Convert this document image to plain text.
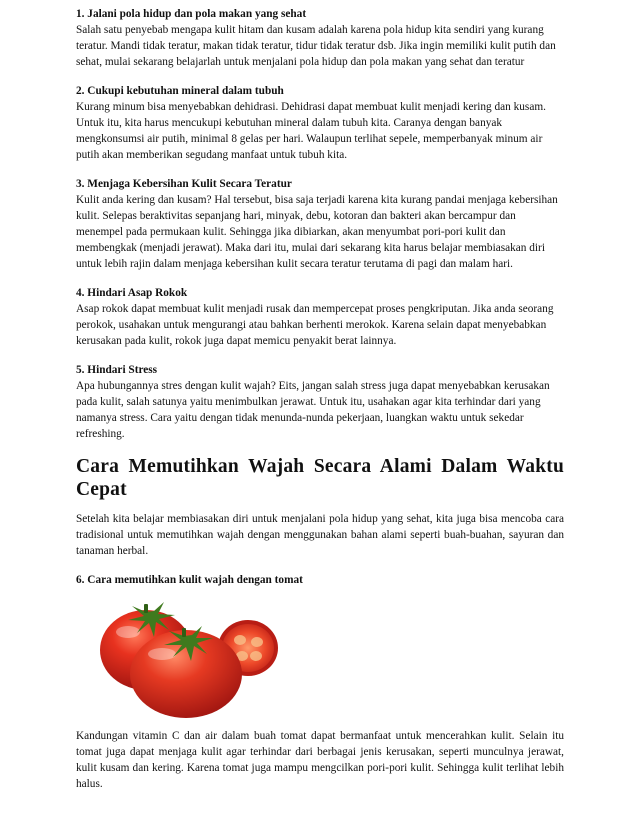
1. Jalani pola hidup dan pola makan yang sehat

Salah satu penyebab mengapa kulit hitam dan kusam adalah karena pola hidup kita sendiri yang kurang teratur. Mandi tidak teratur, makan tidak teratur, tidur tidak teratur dsb. Jika ingin memiliki kulit putih dan sehat, mulai sekarang belajarlah untuk menjalani pola hidup dan pola makan yang sehat dan teratur

2. Cukupi kebutuhan mineral dalam tubuh

Kurang minum bisa menyebabkan dehidrasi. Dehidrasi dapat membuat kulit menjadi kering dan kusam. Untuk itu, kita harus mencukupi kebutuhan mineral dalam tubuh kita. Caranya dengan banyak mengkonsumsi air putih, minimal 8 gelas per hari. Walaupun terlihat sepele, memperbanyak minum air putih akan memberikan segudang manfaat untuk tubuh kita.

3. Menjaga Kebersihan Kulit Secara Teratur

Kulit anda kering dan kusam? Hal tersebut, bisa saja terjadi karena kita kurang pandai menjaga kebersihan kulit. Selepas beraktivitas sepanjang hari, minyak, debu, kotoran dan bakteri akan bercampur dan menempel pada permukaan kulit. Sehingga jika dibiarkan, akan menyumbat pori-pori kulit dan membengkak (menjadi jerawat). Maka dari itu, mulai dari sekarang kita harus belajar membiasakan diri untuk lebih rajin dalam menjaga kebersihan kulit secara teratur terutama di pagi dan malam hari.

4. Hindari Asap Rokok

Asap rokok dapat membuat kulit menjadi rusak dan mempercepat proses pengkriputan. Jika anda seorang perokok, usahakan untuk mengurangi atau bahkan berhenti merokok. Karena selain dapat menyebabkan kerusakan pada kulit, rokok juga dapat memicu penyakit berat lainnya.

5. Hindari Stress

Apa hubungannya stres dengan kulit wajah? Eits, jangan salah stress juga dapat menyebabkan kerusakan pada kulit, salah satunya yaitu menimbulkan jerawat. Untuk itu, usahakan agar kita terhindar dari yang namanya stress. Cara yaitu dengan tidak menunda-nunda pekerjaan, luangkan waktu untuk sekedar refreshing.

Cara Memutihkan Wajah Secara Alami Dalam Waktu Cepat

Setelah kita belajar membiasakan diri untuk menjalani pola hidup yang sehat, kita juga bisa mencoba cara tradisional untuk memutihkan wajah dengan menggunakan bahan alami seperti buah-buahan, sayuran dan tanaman herbal.

6. Cara memutihkan kulit wajah dengan tomat

Kandungan vitamin C dan air dalam buah tomat dapat bermanfaat untuk mencerahkan kulit. Selain itu tomat juga dapat menjaga kulit agar terhindar dari berbagai jenis kerusakan, seperti munculnya jerawat, kulit kusam dan kering. Karena tomat juga mampu mengcilkan pori-pori kulit. Sehingga kulit terlihat lebih halus.
